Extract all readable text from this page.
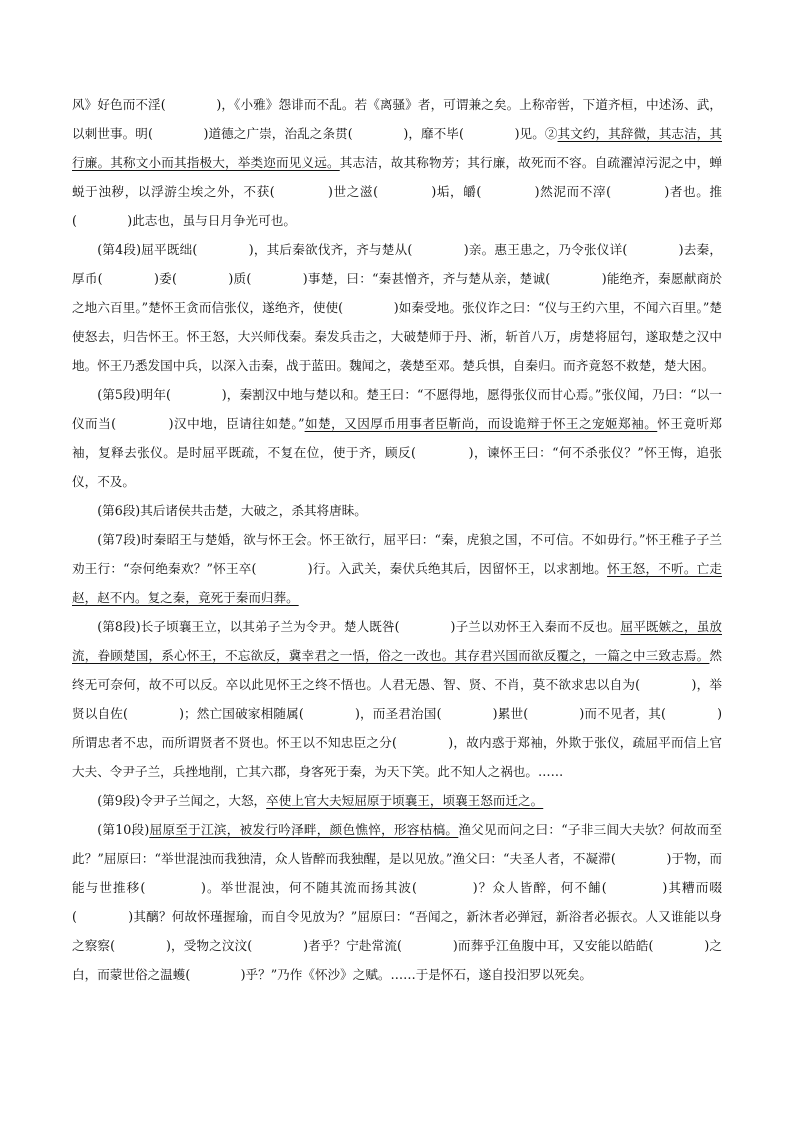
风》好色而不淫(　　　　)，《小雅》怨诽而不乱。若《离骚》者，可谓兼之矣。上称帝喾，下道齐桓，中述汤、武，以刺世事。明(　　　　)道德之广崇，治乱之条贯(　　　　)，靡不毕(　　　　)见。②其文约，其辞微，其志洁，其行廉。其称文小而其指极大，举类迩而见义远。其志洁，故其称物芳；其行廉，故死而不容。自疏濯淖污泥之中，蝉蜕于浊秽，以浮游尘埃之外，不获(　　　　)世之滋(　　　　)垢，皭(　　　　)然泥而不滓(　　　　)者也。推(　　　　)此志也，虽与日月争光可也。

(第4段)屈平既绌(　　　　)，其后秦欲伐齐，齐与楚从(　　　　)亲。惠王患之，乃令张仪详(　　　　)去秦，厚币(　　　　)委(　　　　)质(　　　　)事楚，曰：“秦甚憎齐，齐与楚从亲，楚诚(　　　　)能绝齐，秦愿献商於之地六百里。”楚怀王贪而信张仪，遂绝齐，使使(　　　　)如秦受地。张仪诈之曰：“仪与王约六里，不闻六百里。”楚使怒去，归告怀王。怀王怒，大兴师伐秦。秦发兵击之，大破楚师于丹、淅，斩首八万，虏楚将屈匄，遂取楚之汉中地。怀王乃悉发国中兵，以深入击秦，战于蓝田。魏闻之，袭楚至邓。楚兵惧，自秦归。而齐竟怒不救楚，楚大困。

(第5段)明年(　　　　)，秦割汉中地与楚以和。楚王曰：“不愿得地，愿得张仪而甘心焉。”张仪闻，乃曰：“以一仪而当(　　　　)汉中地，臣请往如楚。”如楚，又因厚币用事者臣靳尚，而设诡辩于怀王之宠姬郑袖。怀王竟听郑袖，复释去张仪。是时屈平既疏，不复在位，使于齐，顾反(　　　　)，谏怀王曰：“何不杀张仪？”怀王悔，追张仪，不及。

(第6段)其后诸侯共击楚，大破之，杀其将唐眛。

(第7段)时秦昭王与楚婚，欲与怀王会。怀王欲行，屈平曰：“秦，虎狼之国，不可信。不如毋行。”怀王稚子子兰劝王行：“奈何绝秦欢？”怀王卒(　　　　)行。入武关，秦伏兵绝其后，因留怀王，以求割地。怀王怒，不听。亡走赵，赵不内。复之秦，竟死于秦而归葬。

(第8段)长子顷襄王立，以其弟子兰为令尹。楚人既咎(　　　　)子兰以劝怀王入秦而不反也。屈平既嫉之，虽放流，眷顾楚国，系心怀王，不忘欲反，冀幸君之一悟，俗之一改也。其存君兴国而欲反覆之，一篇之中三致志焉。然终无可奈何，故不可以反。卒以此见怀王之终不悟也。人君无愚、智、贤、不肖，莫不欲求忠以自为(　　　　)，举贤以自佐(　　　　)；然亡国破家相随属(　　　　)，而圣君治国(　　　　)累世(　　　　)而不见者，其(　　　　)所谓忠者不忠，而所谓贤者不贤也。怀王以不知忠臣之分(　　　　)，故内惑于郑袖，外欺于张仪，疏屈平而信上官大夫、令尹子兰，兵挫地削，亡其六郡，身客死于秦，为天下笑。此不知人之祸也。……

(第9段)令尹子兰闻之，大怒，卒使上官大夫短屈原于顷襄王，顷襄王怒而迁之。

(第10段)屈原至于江滨，被发行吟泽畔，颜色憔悴，形容枯槁。渔父见而问之曰：“子非三闾大夫欤？何故而至此？”屈原曰：“举世混浊而我独清，众人皆醉而我独醒，是以见放。”渔父曰：“夫圣人者，不凝滞(　　　　)于物，而能与世推移(　　　　)。举世混浊，何不随其流而扬其波(　　　　)？众人皆醉，何不餔(　　　　)其糟而啜(　　　　)其醨？何故怀瑾握瑜，而自令见放为？”屈原曰：“吾闻之，新沐者必弹冠，新浴者必振衣。人又谁能以身之察察(　　　　)，受物之汶汶(　　　　)者乎？宁赴常流(　　　　)而葬乎江鱼腹中耳，又安能以皓皓(　　　　)之白，而蒙世俗之温蠖(　　　　)乎？”乃作《怀沙》之赋。……于是怀石，遂自投汨罗以死矣。
